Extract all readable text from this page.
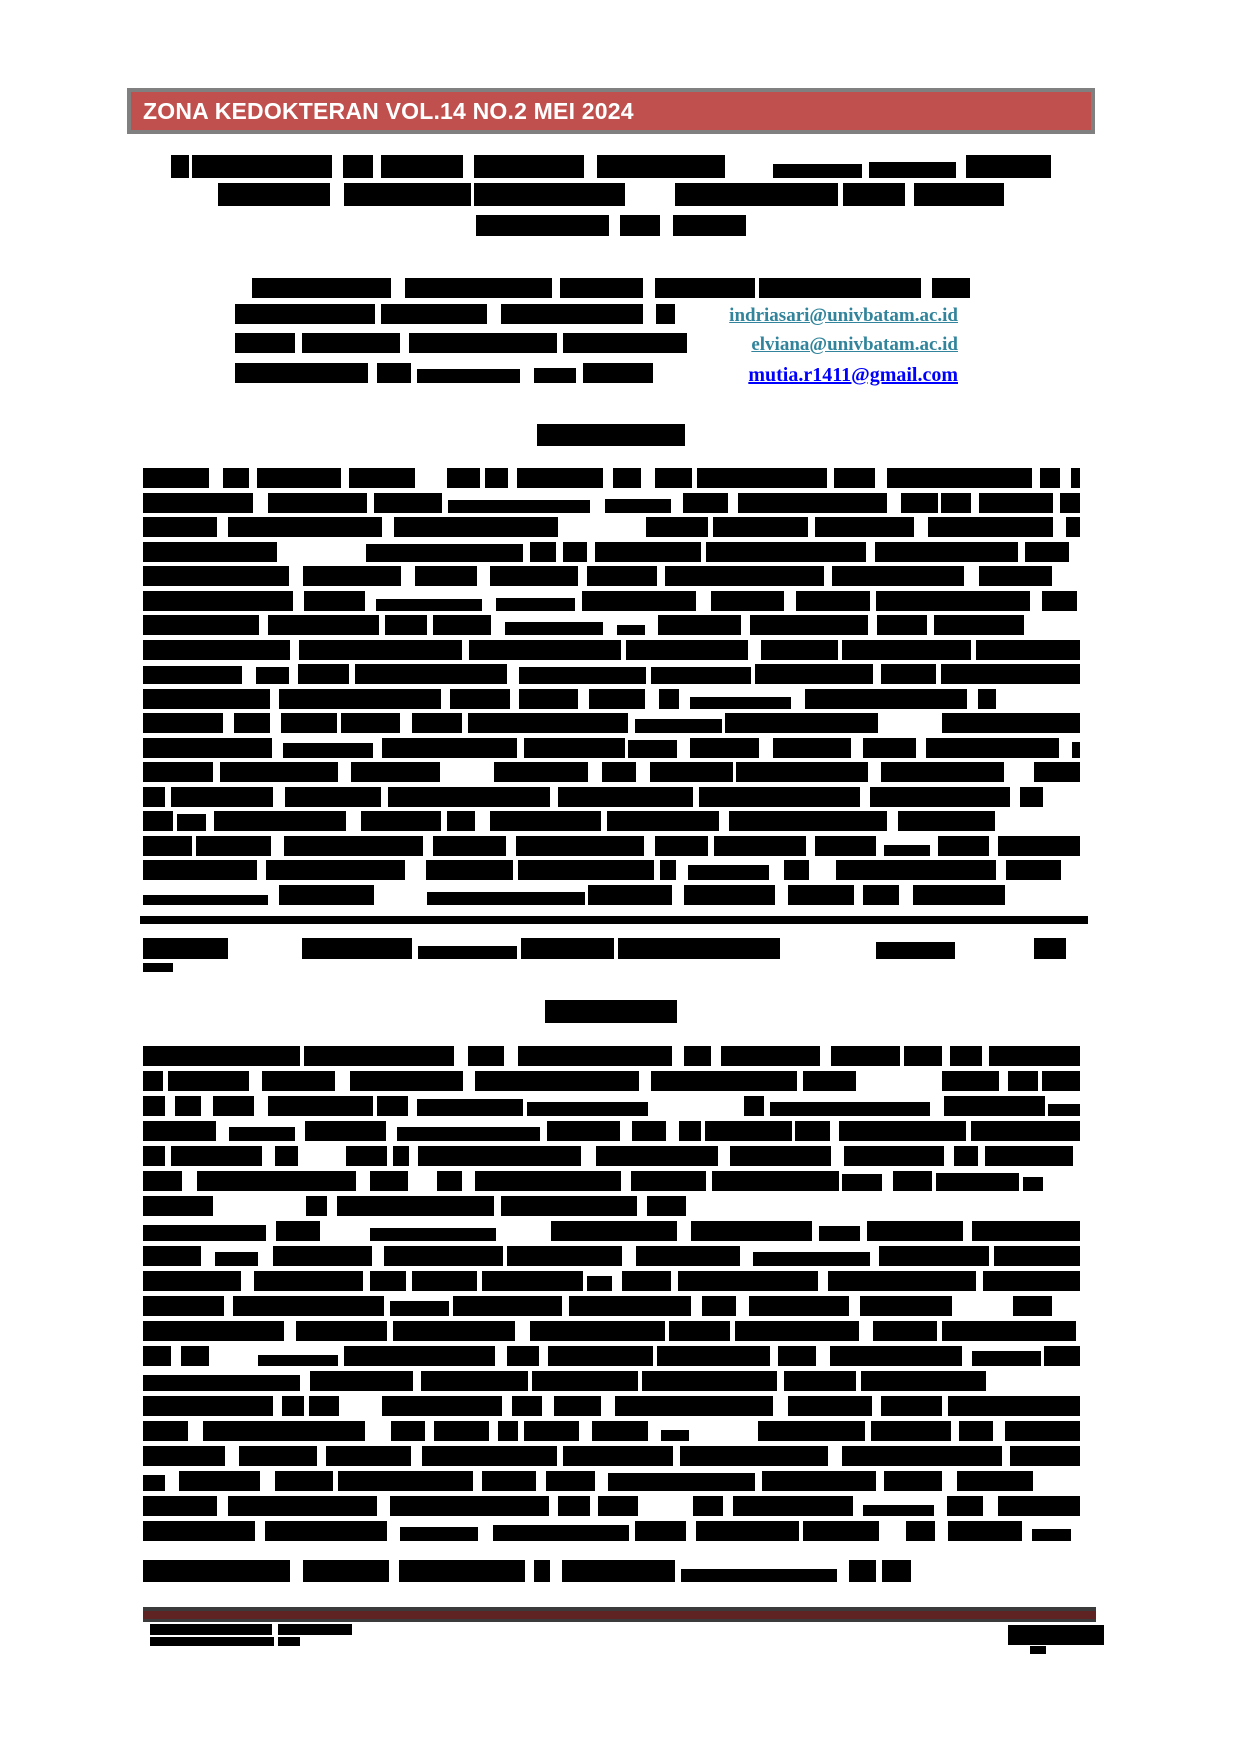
ZONA KEDOKTERAN VOL.14 NO.2 MEI 2024
indriasari@univbatam.ac.id
elviana@univbatam.ac.id
mutia.r1411@gmail.com
